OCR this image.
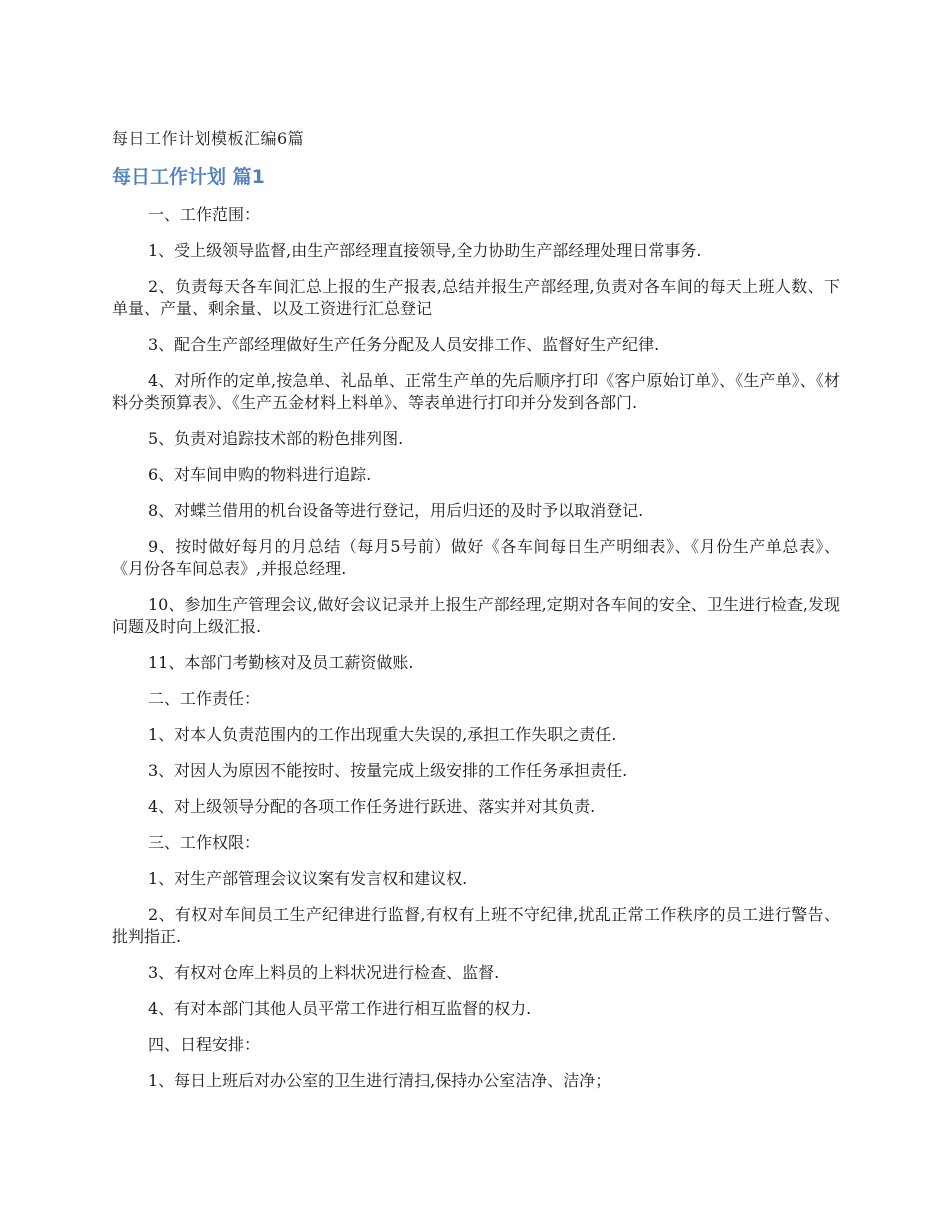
每日工作计划模板汇编6篇
每日工作计划 篇1

一、工作范围：

1、受上级领导监督,由生产部经理直接领导,全力协助生产部经理处理日常事务.

2、负责每天各车间汇总上报的生产报表,总结并报生产部经理,负责对各车间的每天上班人数、下单量、产量、剩余量、以及工资进行汇总登记

3、配合生产部经理做好生产任务分配及人员安排工作、监督好生产纪律.

4、对所作的定单,按急单、礼品单、正常生产单的先后顺序打印《客户原始订单》、《生产单》、《材料分类预算表》、《生产五金材料上料单》、等表单进行打印并分发到各部门.

5、负责对追踪技术部的粉色排列图.

6、对车间申购的物料进行追踪.

8、对蝶兰借用的机台设备等进行登记，用后归还的及时予以取消登记.

9、按时做好每月的月总结（每月5号前）做好《各车间每日生产明细表》、《月份生产单总表》、《月份各车间总表》,并报总经理.

10、参加生产管理会议,做好会议记录并上报生产部经理,定期对各车间的安全、卫生进行检查,发现问题及时向上级汇报.

11、本部门考勤核对及员工薪资做账.

二、工作责任：

1、对本人负责范围内的工作出现重大失误的,承担工作失职之责任.

3、对因人为原因不能按时、按量完成上级安排的工作任务承担责任.

4、对上级领导分配的各项工作任务进行跃进、落实并对其负责.

三、工作权限：

1、对生产部管理会议议案有发言权和建议权.

2、有权对车间员工生产纪律进行监督,有权有上班不守纪律,扰乱正常工作秩序的员工进行警告、批判指正.

3、有权对仓库上料员的上料状况进行检查、监督.

4、有对本部门其他人员平常工作进行相互监督的权力.

四、日程安排：

1、每日上班后对办公室的卫生进行清扫,保持办公室洁净、洁净；
